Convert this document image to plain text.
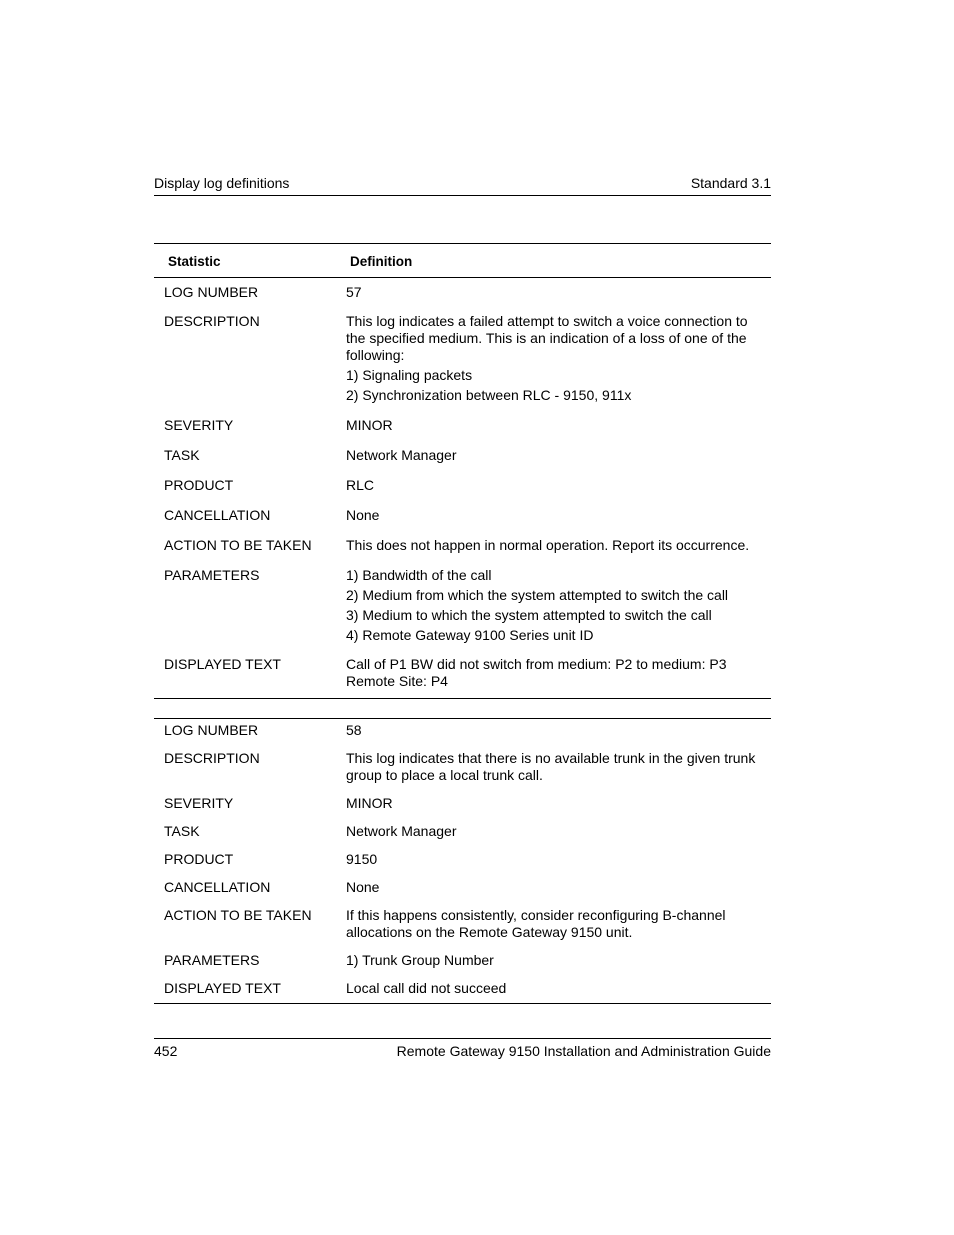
Display log definitions	Standard 3.1
Statistic	Definition
LOG NUMBER	57
DESCRIPTION	This log indicates a failed attempt to switch a voice connection to the specified medium. This is an indication of a loss of one of the following:
1) Signaling packets
2) Synchronization between RLC - 9150, 911x
SEVERITY	MINOR
TASK	Network Manager
PRODUCT	RLC
CANCELLATION	None
ACTION TO BE TAKEN	This does not happen in normal operation. Report its occurrence.
PARAMETERS	1) Bandwidth of the call
2) Medium from which the system attempted to switch the call
3) Medium to which the system attempted to switch the call
4) Remote Gateway 9100 Series unit ID
DISPLAYED TEXT	Call of P1 BW did not switch from medium: P2 to medium: P3
Remote Site: P4
LOG NUMBER	58
DESCRIPTION	This log indicates that there is no available trunk in the given trunk group to place a local trunk call.
SEVERITY	MINOR
TASK	Network Manager
PRODUCT	9150
CANCELLATION	None
ACTION TO BE TAKEN	If this happens consistently, consider reconfiguring B-channel allocations on the Remote Gateway 9150 unit.
PARAMETERS	1) Trunk Group Number
DISPLAYED TEXT	Local call did not succeed
452	Remote Gateway 9150 Installation and Administration Guide
